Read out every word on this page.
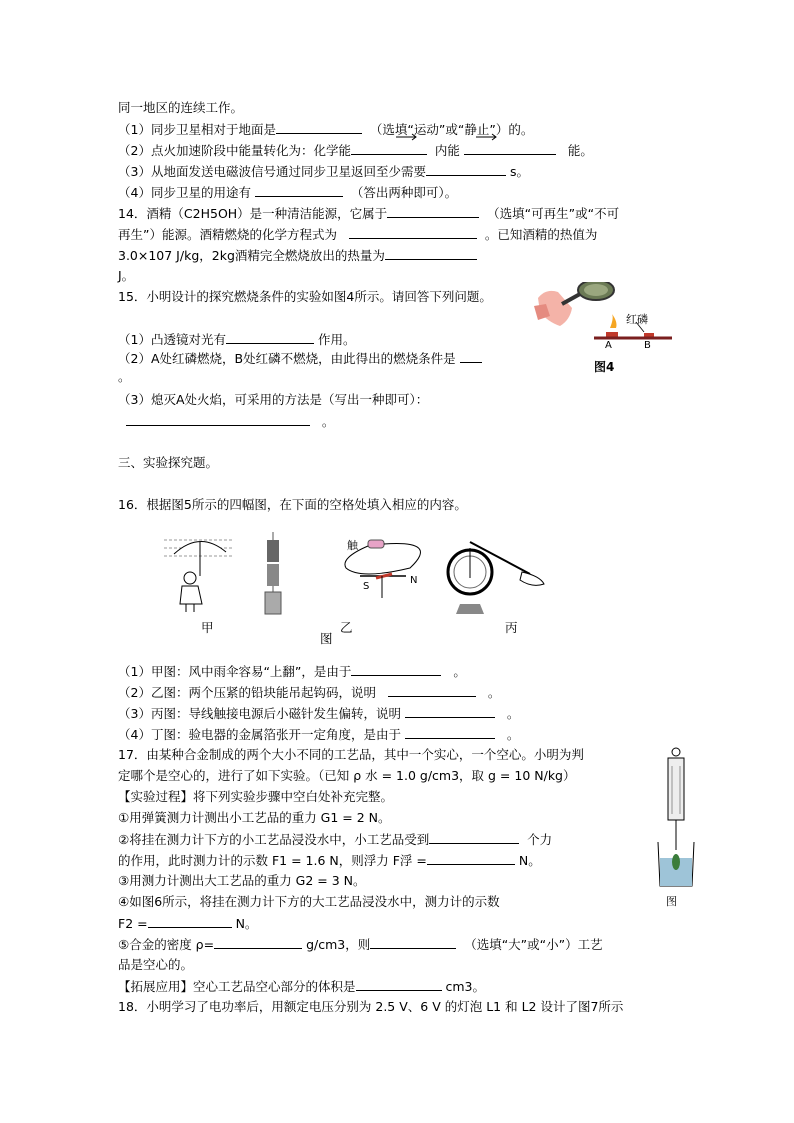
同一地区的连续工作。
（1）同步卫星相对于地面是	（选填“运动”或“静止”）的。
（2）点火加速阶段中能量转化为：化学能	内能	能。
（3）从地面发送电磁波信号通过同步卫星返回至少需要	s。
（4）同步卫星的用途有	（答出两种即可）。
14．酒精（C2H5OH）是一种清洁能源，它属于	（选填“可再生”或“不可
再生”）能源。酒精燃烧的化学方程式为	。已知酒精的热值为
3.0×107 J/kg，2kg酒精完全燃烧放出的热量为
J。
15．小明设计的探究燃烧条件的实验如图4所示。请回答下列问题。
（1）凸透镜对光有	作用。
（2）A处红磷燃烧，B处红磷不燃烧，由此得出的燃烧条件是
。
（3）熄灭A处火焰，可采用的方法是（写出一种即可）：
。
红磷
A	B
图4
三、实验探究题。
16．根据图5所示的四幅图，在下面的空格处填入相应的内容。
触
S
N
甲	乙	丙
图
（1）甲图：风中雨伞容易“上翻”，是由于	。
（2）乙图：两个压紧的铅块能吊起钩码，说明	。
（3）丙图：导线触接电源后小磁针发生偏转，说明	。
（4）丁图：验电器的金属箔张开一定角度，是由于	。
17．由某种合金制成的两个大小不同的工艺品，其中一个实心，一个空心。小明为判
定哪个是空心的，进行了如下实验。（已知 ρ 水 = 1.0 g/cm3，取 g = 10 N/kg）
【实验过程】将下列实验步骤中空白处补充完整。
①用弹簧测力计测出小工艺品的重力 G1 = 2 N。
②将挂在测力计下方的小工艺品浸没水中，小工艺品受到	个力
的作用，此时测力计的示数 F1 = 1.6 N，则浮力 F浮 =	N。
③用测力计测出大工艺品的重力 G2 = 3 N。
④如图6所示，将挂在测力计下方的大工艺品浸没水中，测力计的示数
F2 =	N。
⑤合金的密度 ρ=	g/cm3，则	（选填“大”或“小”）工艺
品是空心的。
【拓展应用】空心工艺品空心部分的体积是	cm3。
18．小明学习了电功率后，用额定电压分别为 2.5 V、6 V 的灯泡 L1 和 L2 设计了图7所示
图
